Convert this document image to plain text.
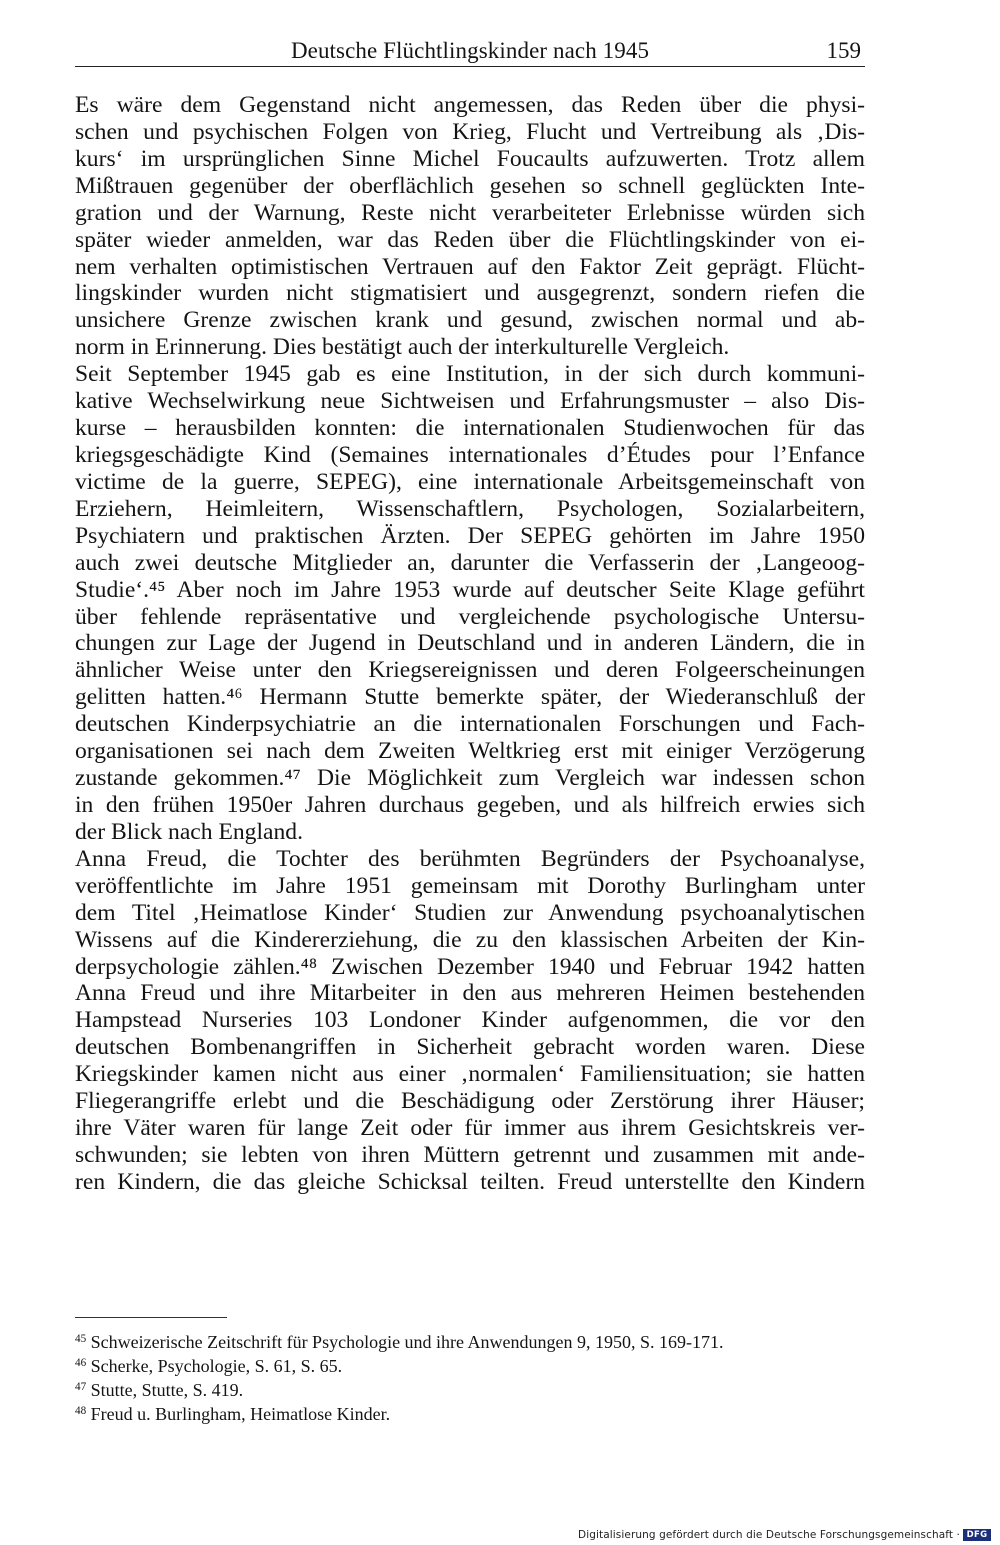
Deutsche Flüchtlingskinder nach 1945	159

Es wäre dem Gegenstand nicht angemessen, das Reden über die physi-
schen und psychischen Folgen von Krieg, Flucht und Vertreibung als ‚Dis-
kurs‘ im ursprünglichen Sinne Michel Foucaults aufzuwerten. Trotz allem
Mißtrauen gegenüber der oberflächlich gesehen so schnell geglückten Inte-
gration und der Warnung, Reste nicht verarbeiteter Erlebnisse würden sich
später wieder anmelden, war das Reden über die Flüchtlingskinder von ei-
nem verhalten optimistischen Vertrauen auf den Faktor Zeit geprägt. Flücht-
lingskinder wurden nicht stigmatisiert und ausgegrenzt, sondern riefen die
unsichere Grenze zwischen krank und gesund, zwischen normal und ab-
norm in Erinnerung. Dies bestätigt auch der interkulturelle Vergleich.

Seit September 1945 gab es eine Institution, in der sich durch kommuni-
kative Wechselwirkung neue Sichtweisen und Erfahrungsmuster – also Dis-
kurse – herausbilden konnten: die internationalen Studienwochen für das
kriegsgeschädigte Kind (Semaines internationales d’Études pour l’Enfance
victime de la guerre, SEPEG), eine internationale Arbeitsgemeinschaft von
Erziehern, Heimleitern, Wissenschaftlern, Psychologen, Sozialarbeitern,
Psychiatern und praktischen Ärzten. Der SEPEG gehörten im Jahre 1950
auch zwei deutsche Mitglieder an, darunter die Verfasserin der ‚Langeoog-
Studie‘.⁴⁵ Aber noch im Jahre 1953 wurde auf deutscher Seite Klage geführt
über fehlende repräsentative und vergleichende psychologische Untersu-
chungen zur Lage der Jugend in Deutschland und in anderen Ländern, die in
ähnlicher Weise unter den Kriegsereignissen und deren Folgeerscheinungen
gelitten hatten.⁴⁶ Hermann Stutte bemerkte später, der Wiederanschluß der
deutschen Kinderpsychiatrie an die internationalen Forschungen und Fach-
organisationen sei nach dem Zweiten Weltkrieg erst mit einiger Verzögerung
zustande gekommen.⁴⁷ Die Möglichkeit zum Vergleich war indessen schon
in den frühen 1950er Jahren durchaus gegeben, und als hilfreich erwies sich
der Blick nach England.

Anna Freud, die Tochter des berühmten Begründers der Psychoanalyse,
veröffentlichte im Jahre 1951 gemeinsam mit Dorothy Burlingham unter
dem Titel ‚Heimatlose Kinder‘ Studien zur Anwendung psychoanalytischen
Wissens auf die Kindererziehung, die zu den klassischen Arbeiten der Kin-
derpsychologie zählen.⁴⁸ Zwischen Dezember 1940 und Februar 1942 hatten
Anna Freud und ihre Mitarbeiter in den aus mehreren Heimen bestehenden
Hampstead Nurseries 103 Londoner Kinder aufgenommen, die vor den
deutschen Bombenangriffen in Sicherheit gebracht worden waren. Diese
Kriegskinder kamen nicht aus einer ‚normalen‘ Familiensituation; sie hatten
Fliegerangriffe erlebt und die Beschädigung oder Zerstörung ihrer Häuser;
ihre Väter waren für lange Zeit oder für immer aus ihrem Gesichtskreis ver-
schwunden; sie lebten von ihren Müttern getrennt und zusammen mit ande-
ren Kindern, die das gleiche Schicksal teilten. Freud unterstellte den Kindern

$^{45}$ Schweizerische Zeitschrift für Psychologie und ihre Anwendungen 9, 1950, S. 169-171.
$^{46}$ Scherke, Psychologie, S. 61, S. 65.
$^{47}$ Stutte, Stutte, S. 419.
$^{48}$ Freud u. Burlingham, Heimatlose Kinder.
Digitalisierung gefördert durch die Deutsche Forschungsgemeinschaft · DFG
